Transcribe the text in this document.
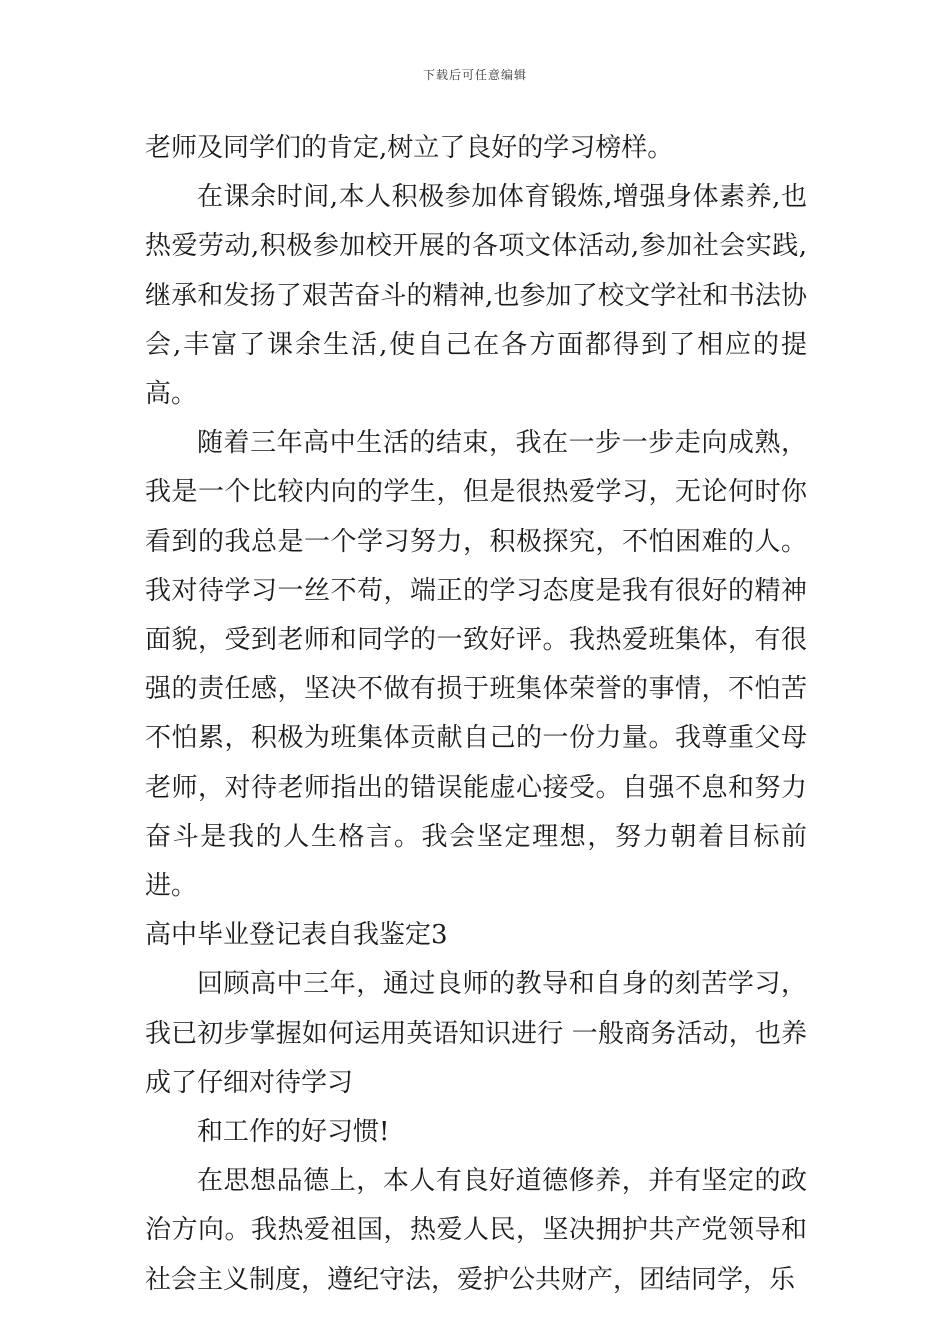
下载后可任意编辑

老师及同学们的肯定,树立了良好的学习榜样。

在课余时间,本人积极参加体育锻炼,增强身体素养,也热爱劳动,积极参加校开展的各项文体活动,参加社会实践,继承和发扬了艰苦奋斗的精神,也参加了校文学社和书法协会,丰富了课余生活,使自己在各方面都得到了相应的提高。

随着三年高中生活的结束，我在一步一步走向成熟，我是一个比较内向的学生，但是很热爱学习，无论何时你看到的我总是一个学习努力，积极探究，不怕困难的人。我对待学习一丝不苟，端正的学习态度是我有很好的精神面貌，受到老师和同学的一致好评。我热爱班集体，有很强的责任感，坚决不做有损于班集体荣誉的事情，不怕苦不怕累，积极为班集体贡献自己的一份力量。我尊重父母老师，对待老师指出的错误能虚心接受。自强不息和努力奋斗是我的人生格言。我会坚定理想，努力朝着目标前进。

高中毕业登记表自我鉴定3

回顾高中三年，通过良师的教导和自身的刻苦学习，我已初步掌握如何运用英语知识进行 一般商务活动，也养成了仔细对待学习

和工作的好习惯!

在思想品德上，本人有良好道德修养，并有坚定的政治方向。我热爱祖国，热爱人民，坚决拥护共产党领导和社会主义制度，遵纪守法，爱护公共财产，团结同学，乐
